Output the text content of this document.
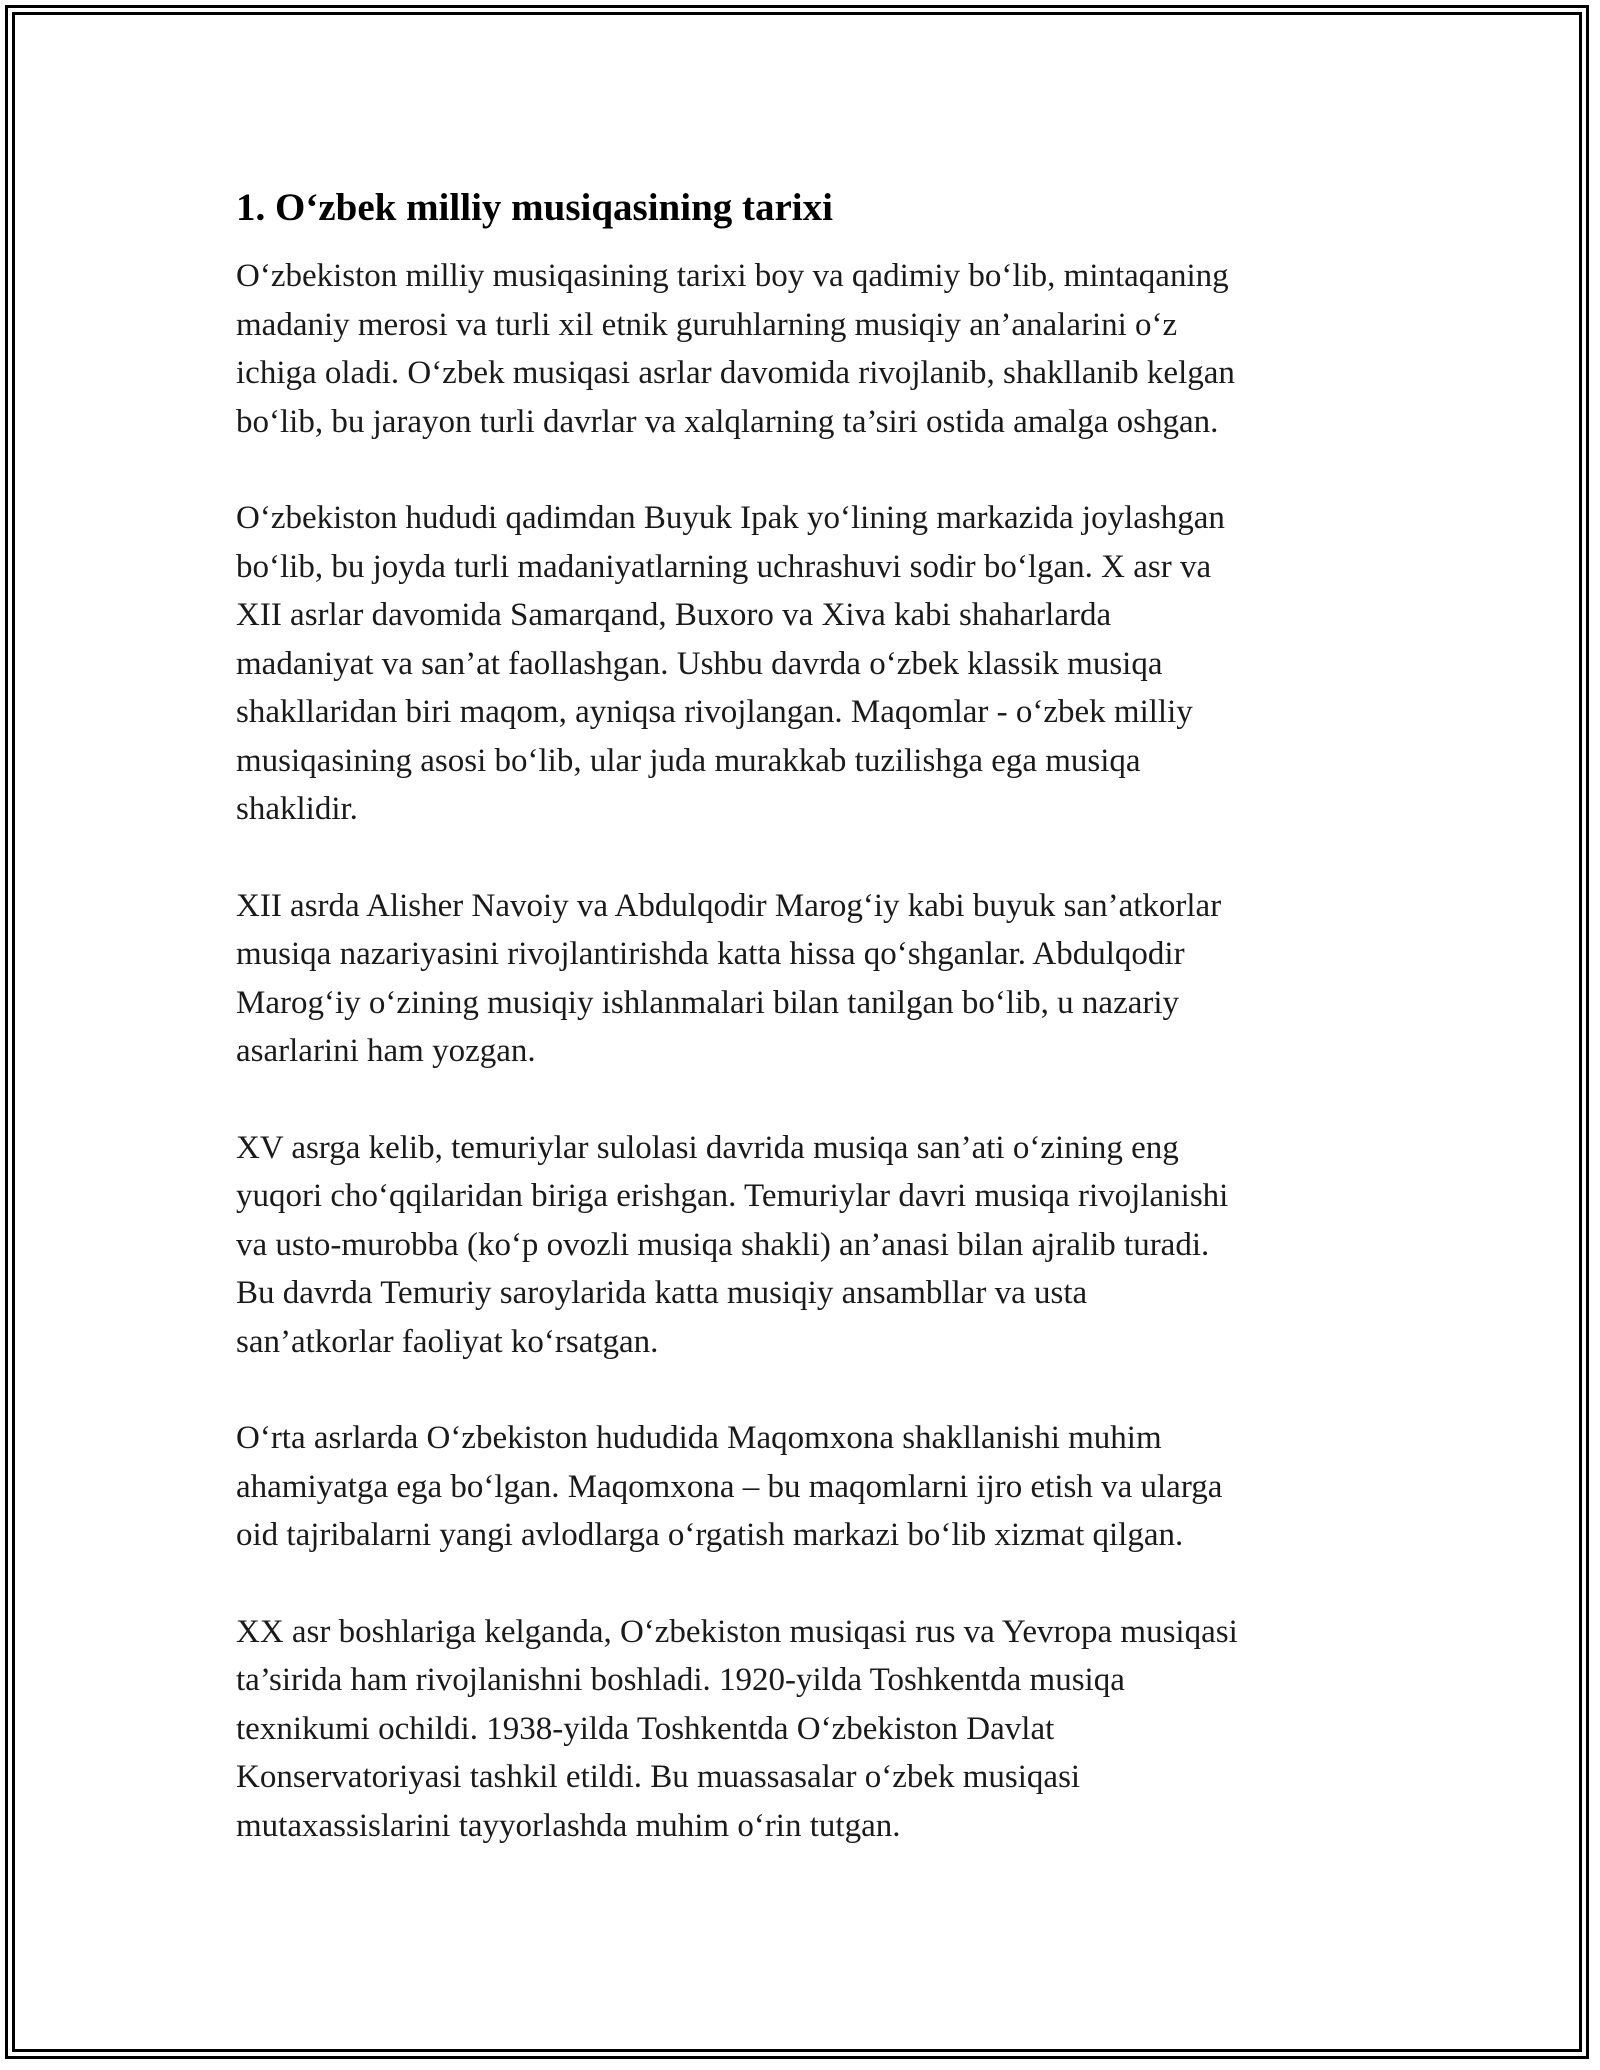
1. O‘zbek milliy musiqasining tarixi
O‘zbekiston milliy musiqasining tarixi boy va qadimiy bo‘lib, mintaqaning
madaniy merosi va turli xil etnik guruhlarning musiqiy an’analarini o‘z
ichiga oladi. O‘zbek musiqasi asrlar davomida rivojlanib, shakllanib kelgan
bo‘lib, bu jarayon turli davrlar va xalqlarning ta’siri ostida amalga oshgan.
O‘zbekiston hududi qadimdan Buyuk Ipak yo‘lining markazida joylashgan
bo‘lib, bu joyda turli madaniyatlarning uchrashuvi sodir bo‘lgan. X asr va
XII asrlar davomida Samarqand, Buxoro va Xiva kabi shaharlarda
madaniyat va san’at faollashgan. Ushbu davrda o‘zbek klassik musiqa
shakllaridan biri maqom, ayniqsa rivojlangan. Maqomlar - o‘zbek milliy
musiqasining asosi bo‘lib, ular juda murakkab tuzilishga ega musiqa
shaklidir.
XII asrda Alisher Navoiy va Abdulqodir Marog‘iy kabi buyuk san’atkorlar
musiqa nazariyasini rivojlantirishda katta hissa qo‘shganlar. Abdulqodir
Marog‘iy o‘zining musiqiy ishlanmalari bilan tanilgan bo‘lib, u nazariy
asarlarini ham yozgan.
XV asrga kelib, temuriylar sulolasi davrida musiqa san’ati o‘zining eng
yuqori cho‘qqilaridan biriga erishgan. Temuriylar davri musiqa rivojlanishi
va usto-murobba (ko‘p ovozli musiqa shakli) an’anasi bilan ajralib turadi.
Bu davrda Temuriy saroylarida katta musiqiy ansambllar va usta
san’atkorlar faoliyat ko‘rsatgan.
O‘rta asrlarda O‘zbekiston hududida Maqomxona shakllanishi muhim
ahamiyatga ega bo‘lgan. Maqomxona – bu maqomlarni ijro etish va ularga
oid tajribalarni yangi avlodlarga o‘rgatish markazi bo‘lib xizmat qilgan.
XX asr boshlariga kelganda, O‘zbekiston musiqasi rus va Yevropa musiqasi
ta’sirida ham rivojlanishni boshladi. 1920-yilda Toshkentda musiqa
texnikumi ochildi. 1938-yilda Toshkentda O‘zbekiston Davlat
Konservatoriyasi tashkil etildi. Bu muassasalar o‘zbek musiqasi
mutaxassislarini tayyorlashda muhim o‘rin tutgan.
